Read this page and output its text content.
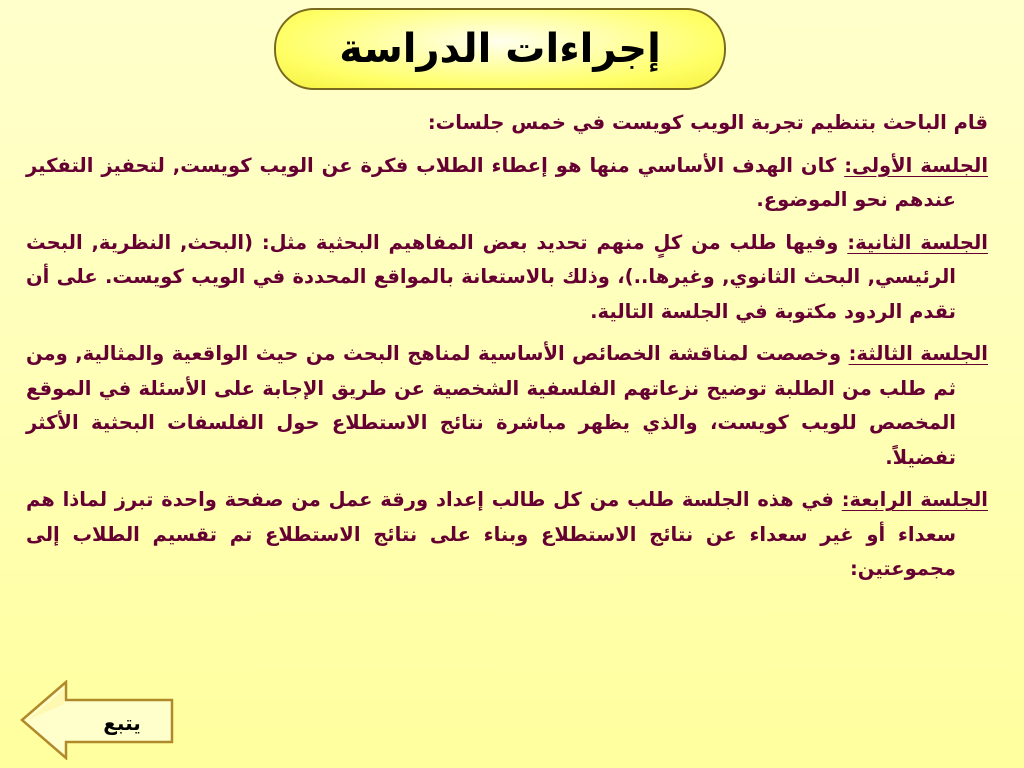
إجراءات الدراسة

قام الباحث بتنظيم تجربة الويب كويست في خمس جلسات:

الجلسة الأولى: كان الهدف الأساسي منها هو إعطاء الطلاب فكرة عن الويب كويست, لتحفيز التفكير عندهم نحو الموضوع.

الجلسة الثانية: وفيها طلب من كلٍ منهم تحديد بعض المفاهيم البحثية مثل: (البحث, النظرية, البحث الرئيسي, البحث الثانوي, وغيرها..)، وذلك بالاستعانة بالمواقع المحددة في الويب كويست. على أن تقدم الردود مكتوبة في الجلسة التالية.

الجلسة الثالثة: وخصصت لمناقشة الخصائص الأساسية لمناهج البحث من حيث الواقعية والمثالية, ومن ثم طلب من الطلبة توضيح نزعاتهم الفلسفية الشخصية عن طريق الإجابة على الأسئلة في الموقع المخصص للويب كويست، والذي يظهر مباشرة نتائج الاستطلاع حول الفلسفات البحثية الأكثر تفضيلاً.

الجلسة الرابعة: في هذه الجلسة طلب من كل طالب إعداد ورقة عمل من صفحة واحدة تبرز لماذا هم سعداء أو غير سعداء عن نتائج الاستطلاع وبناء على نتائج الاستطلاع تم تقسيم الطلاب إلى مجموعتين:

يتبع
